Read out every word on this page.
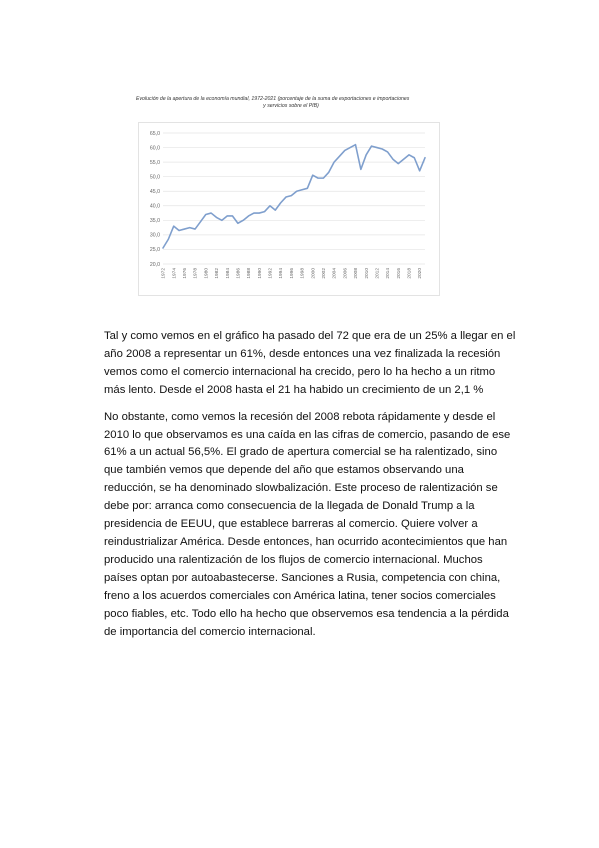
Evolución de la apertura de la economía mundial, 1972-2021 (porcentaje de la suma de exportaciones e importaciones
y servicios sobre el PIB)
20,0
25,0
30,0
35,0
40,0
45,0
50,0
55,0
60,0
65,0
1972 1974 1976 1978 1980 1982 1984 1986 1988 1990 1992 1994 1996 1998 2000 2002 2004 2006 2008 2010 2012 2014 2016 2018 2020

Tal y como vemos en el gráfico ha pasado del 72 que era de un 25% a llegar en el año 2008 a representar un 61%, desde entonces una vez finalizada la recesión vemos como el comercio internacional ha crecido, pero lo ha hecho a un ritmo más lento. Desde el 2008 hasta el 21 ha habido un crecimiento de un 2,1 %

No obstante, como vemos la recesión del 2008 rebota rápidamente y desde el 2010 lo que observamos es una caída en las cifras de comercio, pasando de ese 61% a un actual 56,5%. El grado de apertura comercial se ha ralentizado, sino que también vemos que depende del año que estamos observando una reducción, se ha denominado slowbalización. Este proceso de ralentización se debe por: arranca como consecuencia de la llegada de Donald Trump a la presidencia de EEUU, que establece barreras al comercio. Quiere volver a reindustrializar América. Desde entonces, han ocurrido acontecimientos que han producido una ralentización de los flujos de comercio internacional. Muchos países optan por autoabastecerse. Sanciones a Rusia, competencia con china, freno a los acuerdos comerciales con América latina, tener socios comerciales poco fiables, etc. Todo ello ha hecho que observemos esa tendencia a la pérdida de importancia del comercio internacional.
